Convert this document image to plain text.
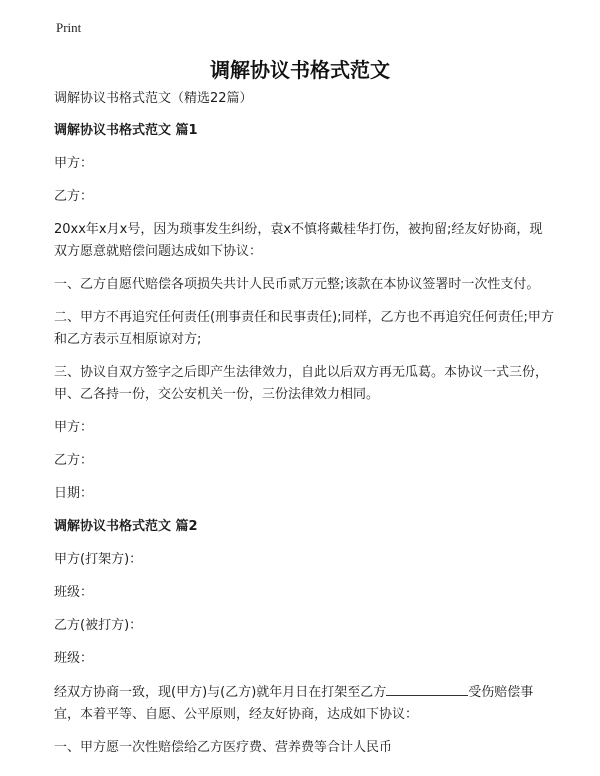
Print
调解协议书格式范文

调解协议书格式范文（精选22篇）

调解协议书格式范文 篇1

甲方：

乙方：

20xx年x月x号，因为琐事发生纠纷，袁x不慎将戴桂华打伤，被拘留;经友好协商，现双方愿意就赔偿问题达成如下协议：

一、乙方自愿代赔偿各项损失共计人民币贰万元整;该款在本协议签署时一次性支付。

二、甲方不再追究任何责任(刑事责任和民事责任);同样，乙方也不再追究任何责任;甲方和乙方表示互相原谅对方;

三、协议自双方签字之后即产生法律效力，自此以后双方再无瓜葛。本协议一式三份，甲、乙各持一份，交公安机关一份，三份法律效力相同。

甲方：

乙方：

日期：

调解协议书格式范文 篇2

甲方(打架方)：

班级：

乙方(被打方)：

班级：

经双方协商一致，现(甲方)与(乙方)就年月日在打架至乙方	受伤赔偿事宜，本着平等、自愿、公平原则，经友好协商，达成如下协议：

一、甲方愿一次性赔偿给乙方医疗费、营养费等合计人民币
